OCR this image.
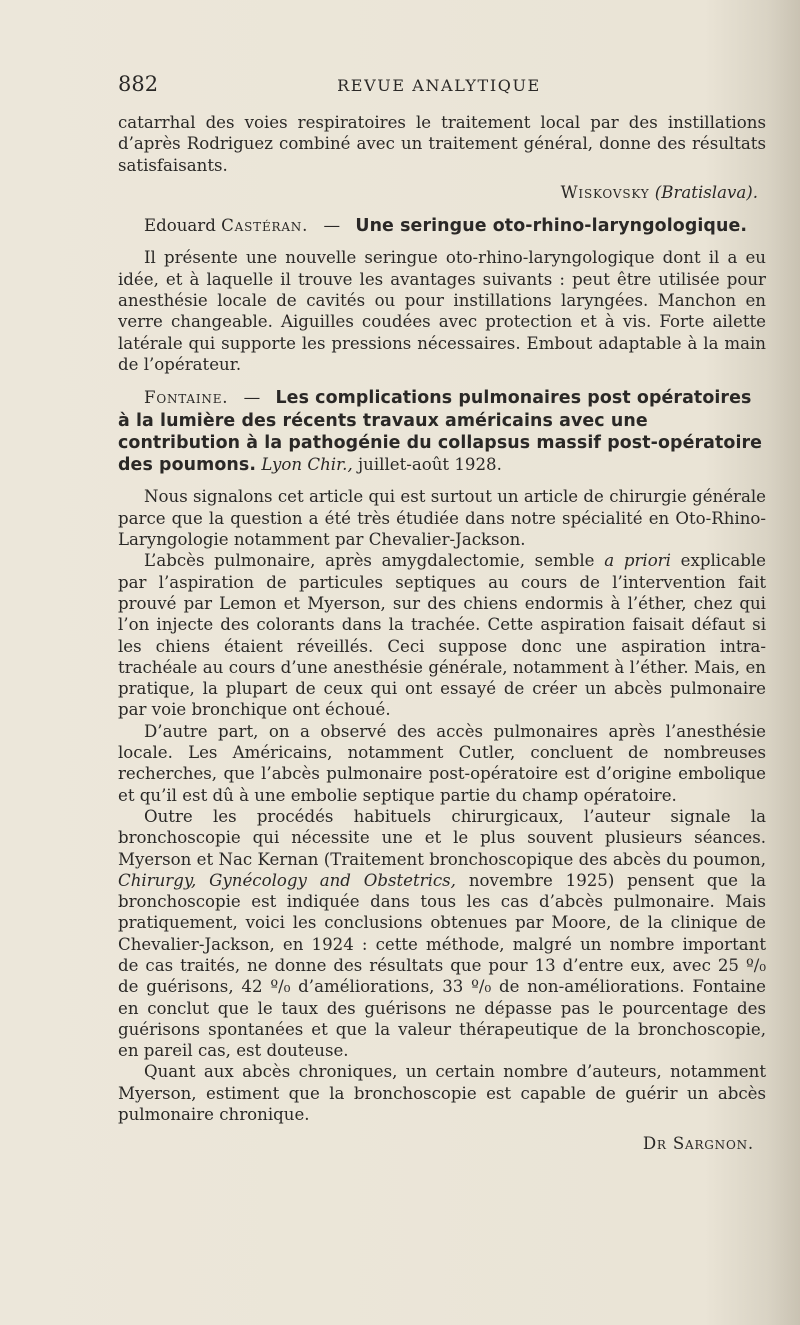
882	REVUE ANALYTIQUE

catarrhal des voies respiratoires le traitement local par des instillations d’après Rodriguez combiné avec un traitement général, donne des résultats satisfaisants.

Wiskovsky (Bratislava).

Edouard Castéran. — Une seringue oto-rhino-laryngologique.

Il présente une nouvelle seringue oto-rhino-laryngologique dont il a eu idée, et à laquelle il trouve les avantages suivants : peut être utilisée pour anesthésie locale de cavités ou pour instillations laryngées. Manchon en verre changeable. Aiguilles coudées avec protection et à vis. Forte ailette latérale qui supporte les pressions nécessaires. Embout adaptable à la main de l’opérateur.

Fontaine. — Les complications pulmonaires post opératoires à la lumière des récents travaux américains avec une contribution à la pathogénie du collapsus massif post-opératoire des poumons. Lyon Chir., juillet-août 1928.

Nous signalons cet article qui est surtout un article de chirurgie générale parce que la question a été très étudiée dans notre spécialité en Oto-Rhino-Laryngologie notamment par Chevalier-Jackson.

L’abcès pulmonaire, après amygdalectomie, semble a priori explicable par l’aspiration de particules septiques au cours de l’intervention fait prouvé par Lemon et Myerson, sur des chiens endormis à l’éther, chez qui l’on injecte des colorants dans la trachée. Cette aspiration faisait défaut si les chiens étaient réveillés. Ceci suppose donc une aspiration intra-trachéale au cours d’une anesthésie générale, notamment à l’éther. Mais, en pratique, la plupart de ceux qui ont essayé de créer un abcès pulmonaire par voie bronchique ont échoué.

D’autre part, on a observé des accès pulmonaires après l’anesthésie locale. Les Américains, notamment Cutler, concluent de nombreuses recherches, que l’abcès pulmonaire post-opératoire est d’origine embolique et qu’il est dû à une embolie septique partie du champ opératoire.

Outre les procédés habituels chirurgicaux, l’auteur signale la bronchoscopie qui nécessite une et le plus souvent plusieurs séances. Myerson et Nac Kernan (Traitement bronchoscopique des abcès du poumon, Chirurgy, Gynécology and Obstetrics, novembre 1925) pensent que la bronchoscopie est indiquée dans tous les cas d’abcès pulmonaire. Mais pratiquement, voici les conclusions obtenues par Moore, de la clinique de Chevalier-Jackson, en 1924 : cette méthode, malgré un nombre important de cas traités, ne donne des résultats que pour 13 d’entre eux, avec 25 º/₀ de guérisons, 42 º/₀ d’améliorations, 33 º/₀ de non-améliorations. Fontaine en conclut que le taux des guérisons ne dépasse pas le pourcentage des guérisons spontanées et que la valeur thérapeutique de la bronchoscopie, en pareil cas, est douteuse.

Quant aux abcès chroniques, un certain nombre d’auteurs, notamment Myerson, estiment que la bronchoscopie est capable de guérir un abcès pulmonaire chronique.

Dr Sargnon.
